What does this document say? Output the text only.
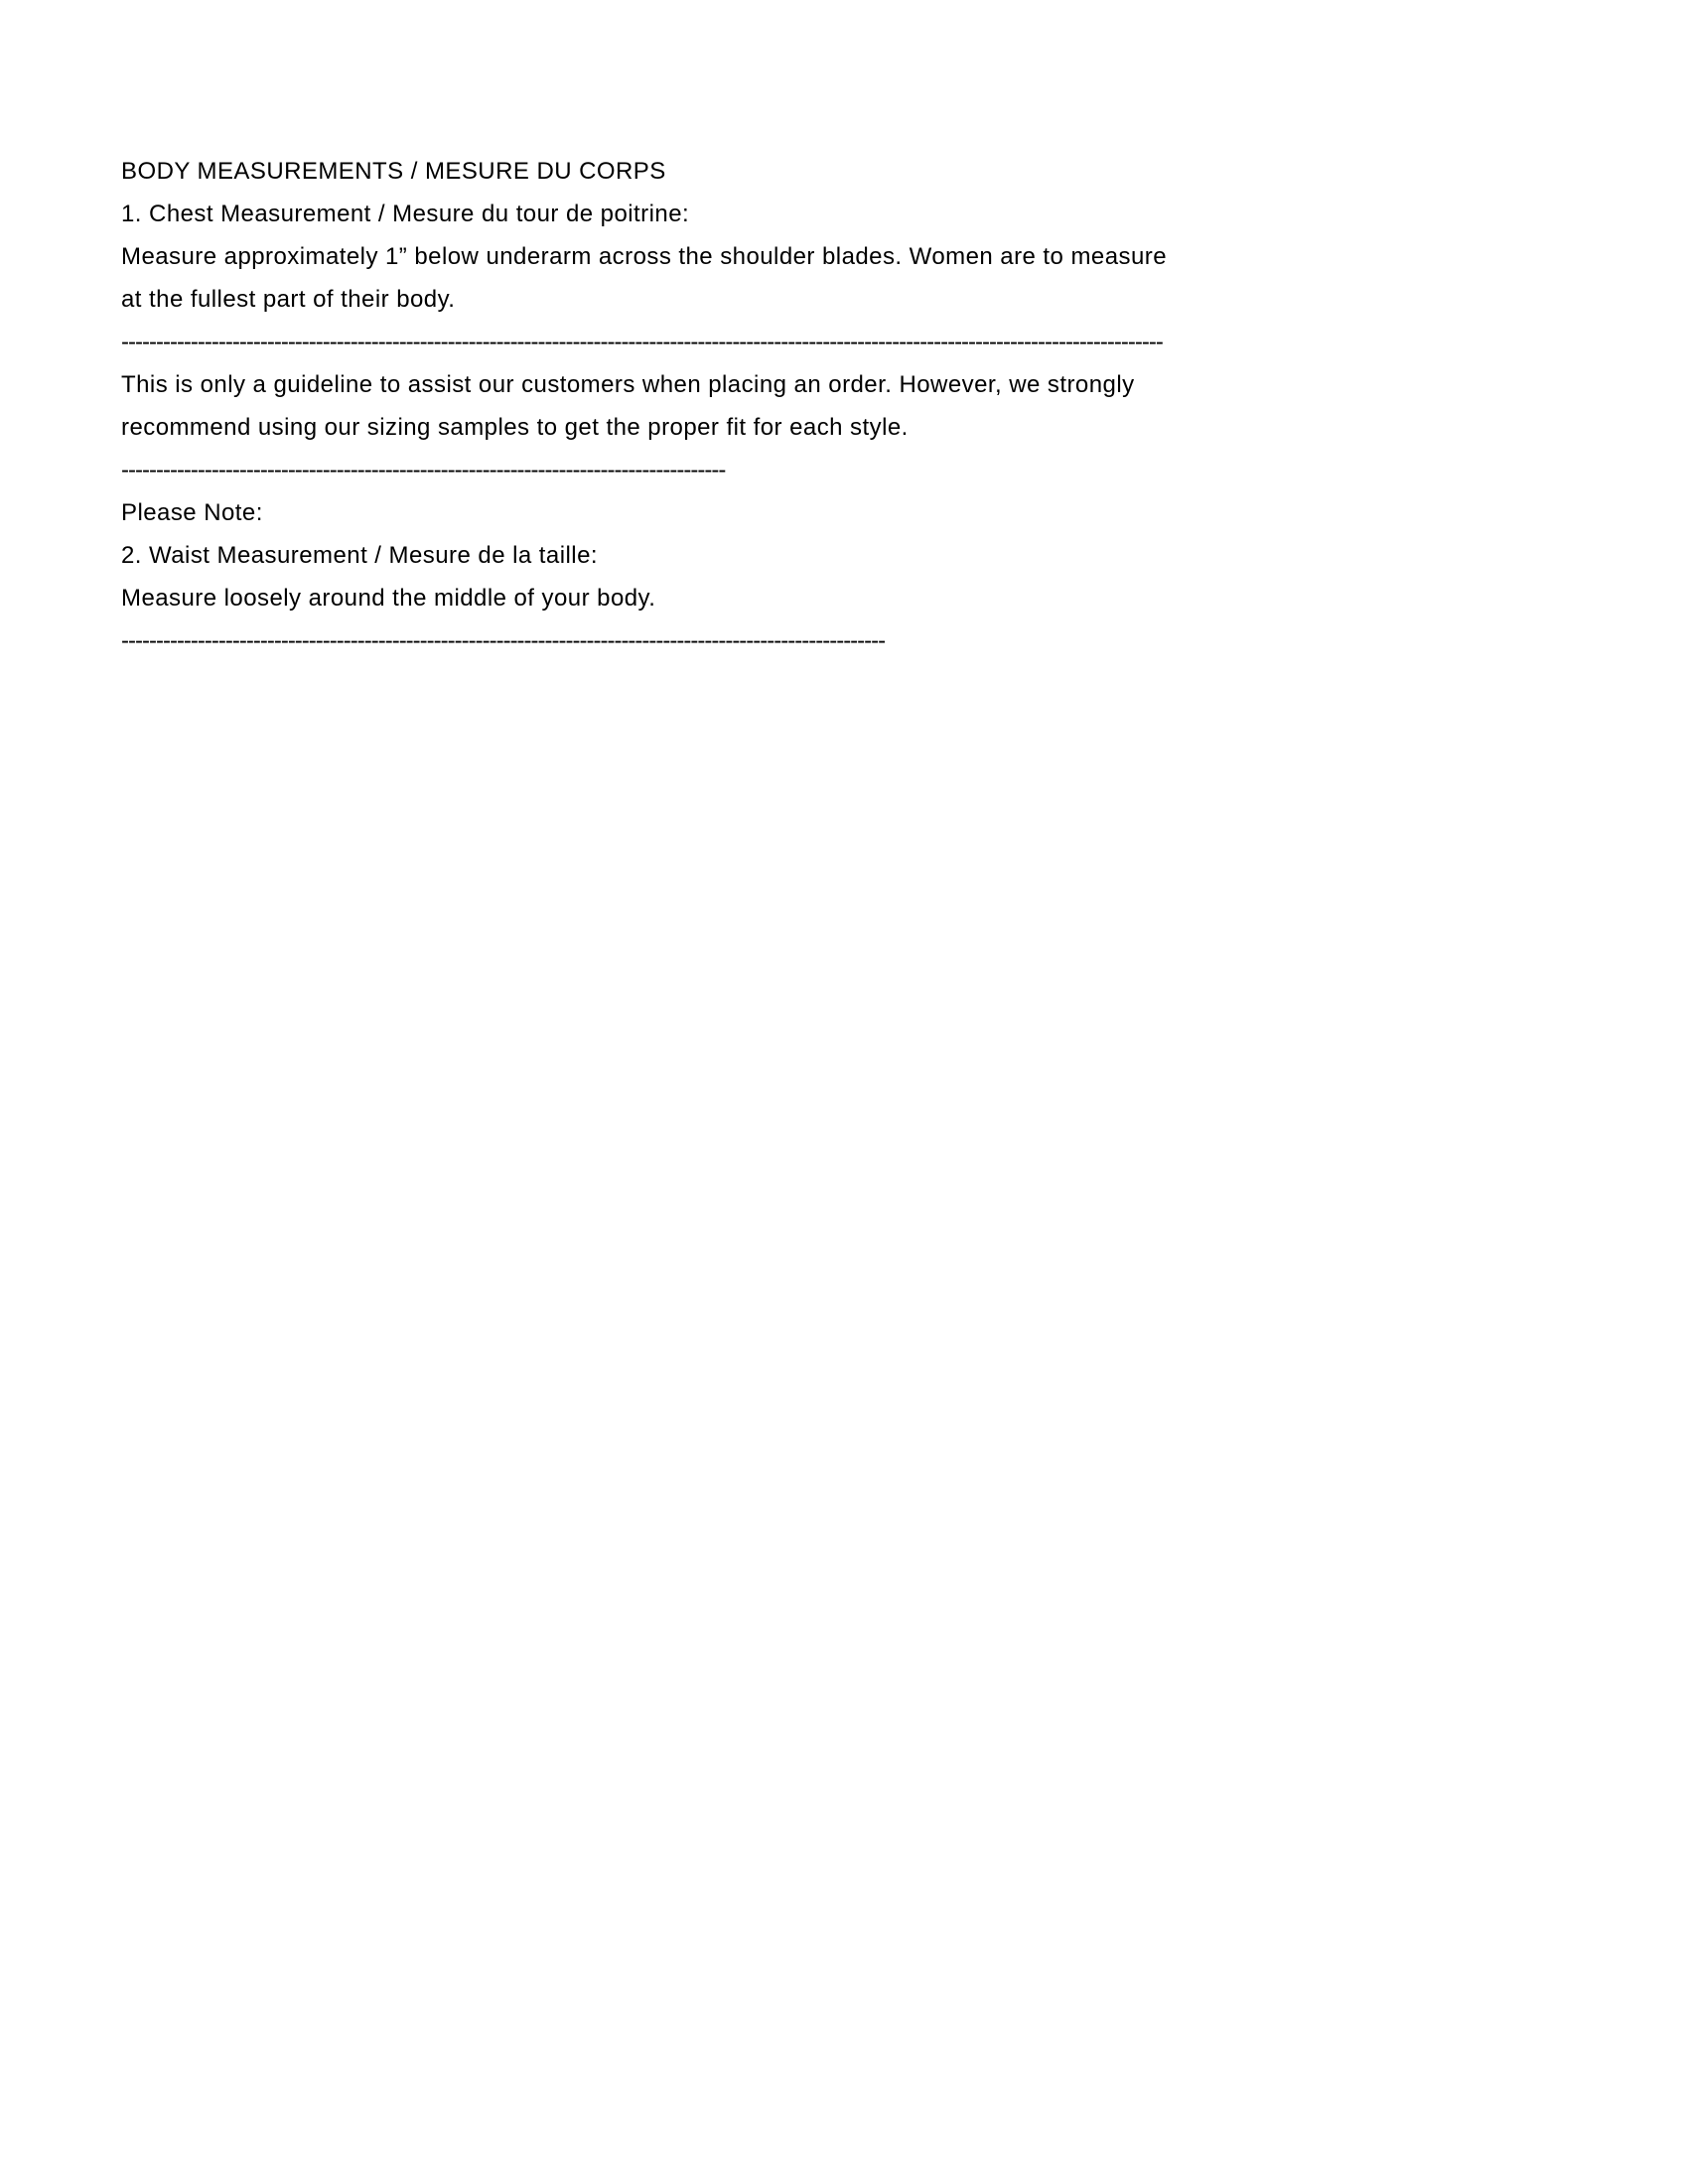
BODY MEASUREMENTS / MESURE DU CORPS

1. Chest Measurement / Mesure du tour de poitrine:

Measure approximately 1” below underarm across the shoulder blades. Women are to measure

at the fullest part of their body.

------------------------------------------------------------------------------------------------------------------------------------------------------

This is only a guideline to assist our customers when placing an order. However, we strongly

recommend using our sizing samples to get the proper fit for each style.

---------------------------------------------------------------------------------------

Please Note:

2. Waist Measurement / Mesure de la taille:

Measure loosely around the middle of your body.

--------------------------------------------------------------------------------------------------------------
